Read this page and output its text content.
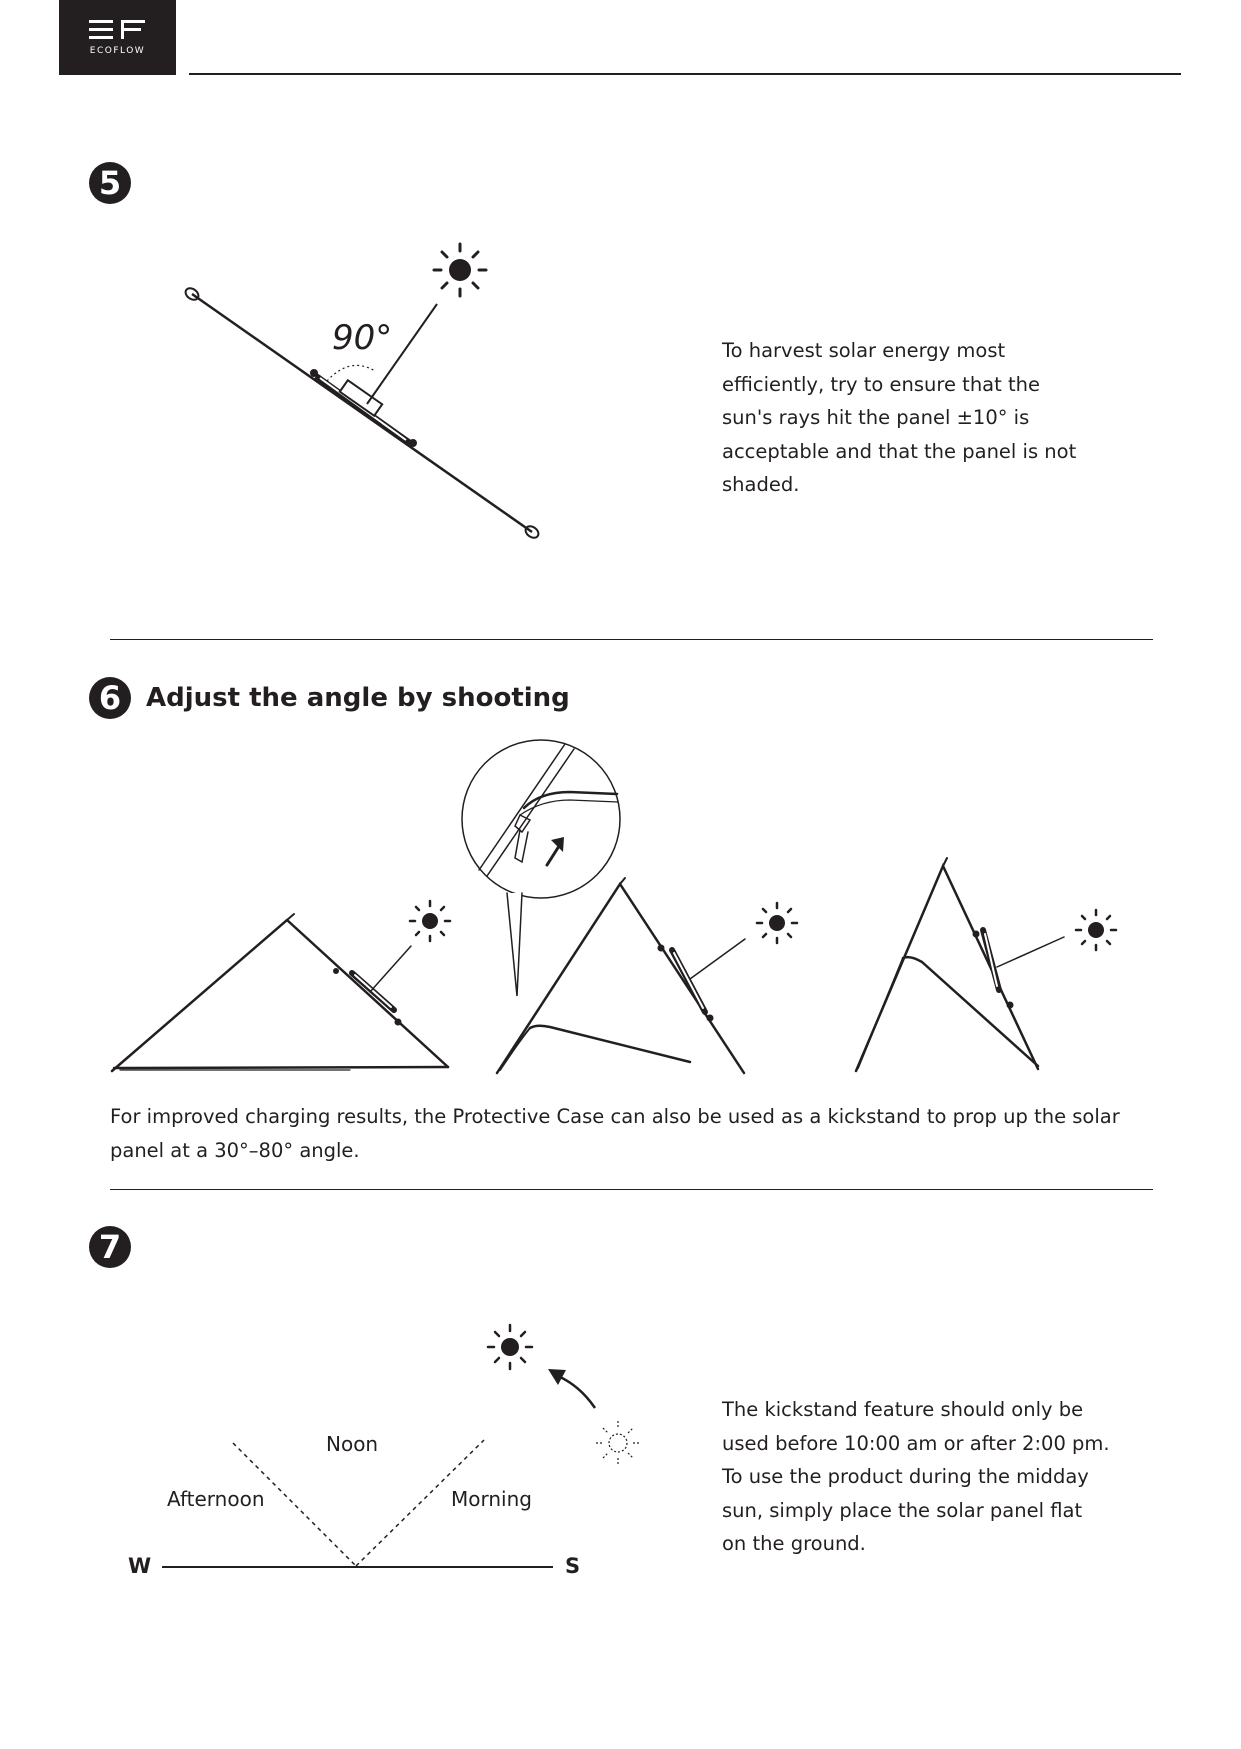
ECOFLOW
5
90°	To harvest solar energy most efficiently, try to ensure that the sun's rays hit the panel ±10° is acceptable and that the panel is not shaded.
6 Adjust the angle by shooting
For improved charging results, the Protective Case can also be used as a kickstand to prop up the solar panel at a 30°–80° angle.
7
Noon
Afternoon	Morning
W	S
The kickstand feature should only be used before 10:00 am or after 2:00 pm. To use the product during the midday sun, simply place the solar panel flat on the ground.
